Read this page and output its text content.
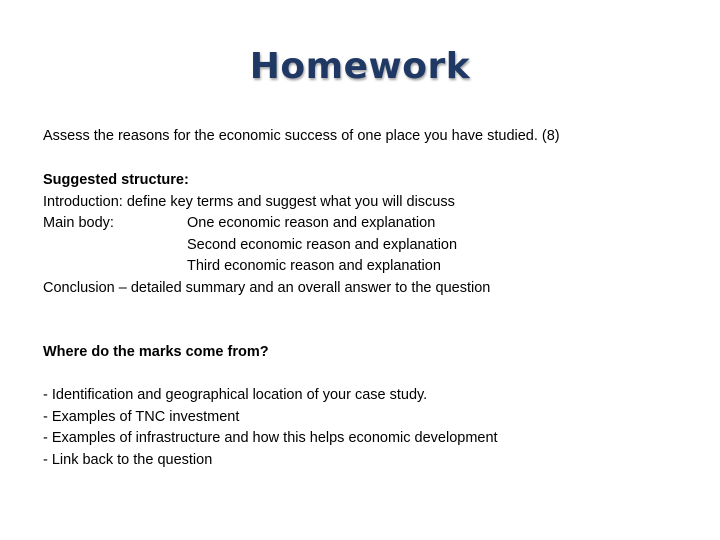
Homework
Assess the reasons for the economic success of one place you have studied. (8)
Suggested structure:
Introduction: define key terms and suggest what you will discuss
Main body:	One economic reason and explanation
Second economic reason and explanation
Third economic reason and explanation
Conclusion – detailed summary and an overall answer to the question
Where do the marks come from?
- Identification and geographical location of your case study.
- Examples of TNC investment
- Examples of infrastructure and how this helps economic development
- Link back to the question
